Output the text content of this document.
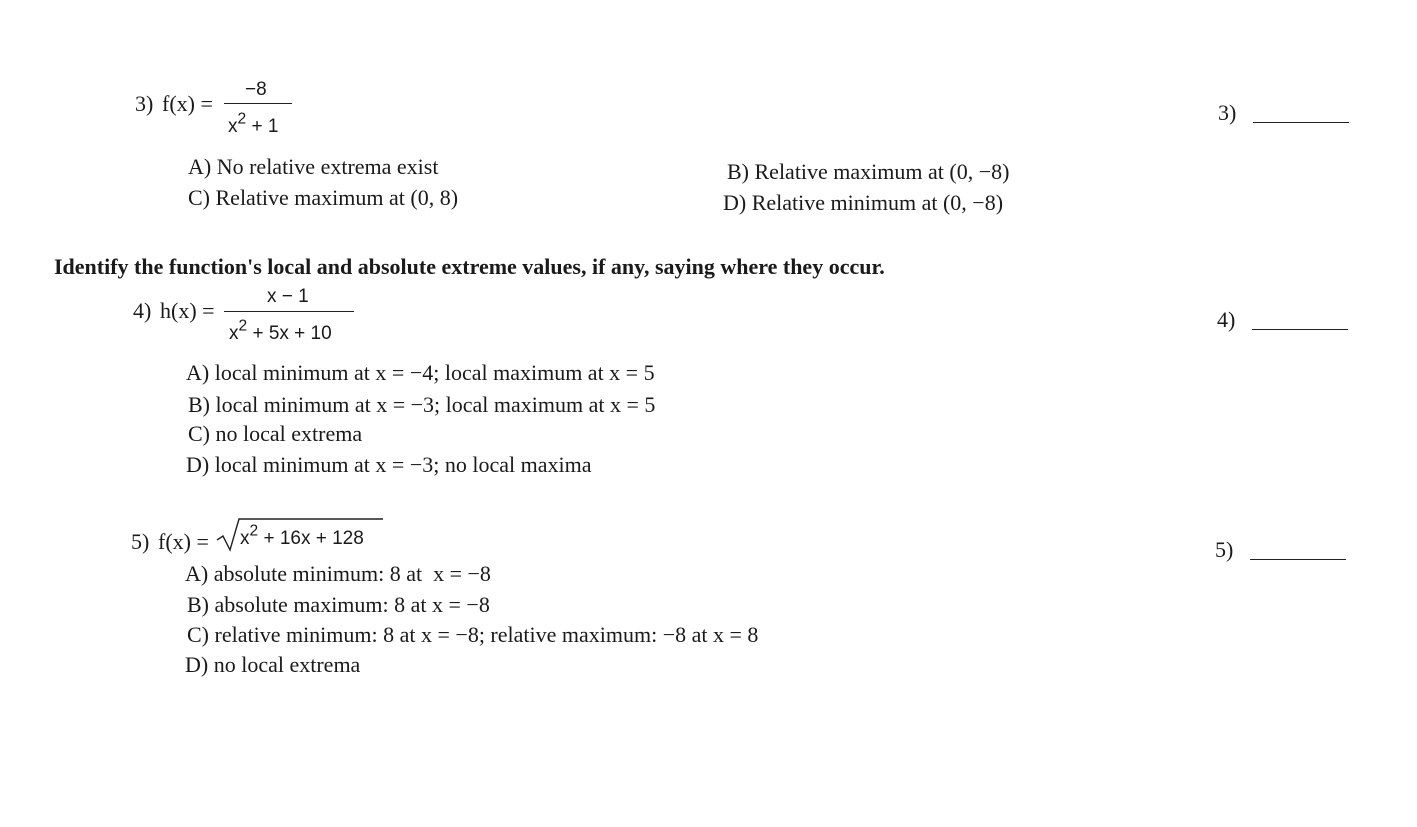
3) f(x) =
−8
$x^2 + 1$
3)
A) No relative extrema exist	B) Relative maximum at (0, −8)
C) Relative maximum at (0, 8)	D) Relative minimum at (0, −8)
Identify the function's local and absolute extreme values, if any, saying where they occur.
4) h(x) =
x − 1
$x^2 + 5x + 10$
4)
A) local minimum at x = −4; local maximum at x = 5
B) local minimum at x = −3; local maximum at x = 5
C) no local extrema
D) local minimum at x = −3; no local maxima
5) $f(x) = x^2 + 16x + 128$	5)
A) absolute minimum: 8 at  x = −8
B) absolute maximum: 8 at x = −8
C) relative minimum: 8 at x = −8; relative maximum: −8 at x = 8
D) no local extrema
